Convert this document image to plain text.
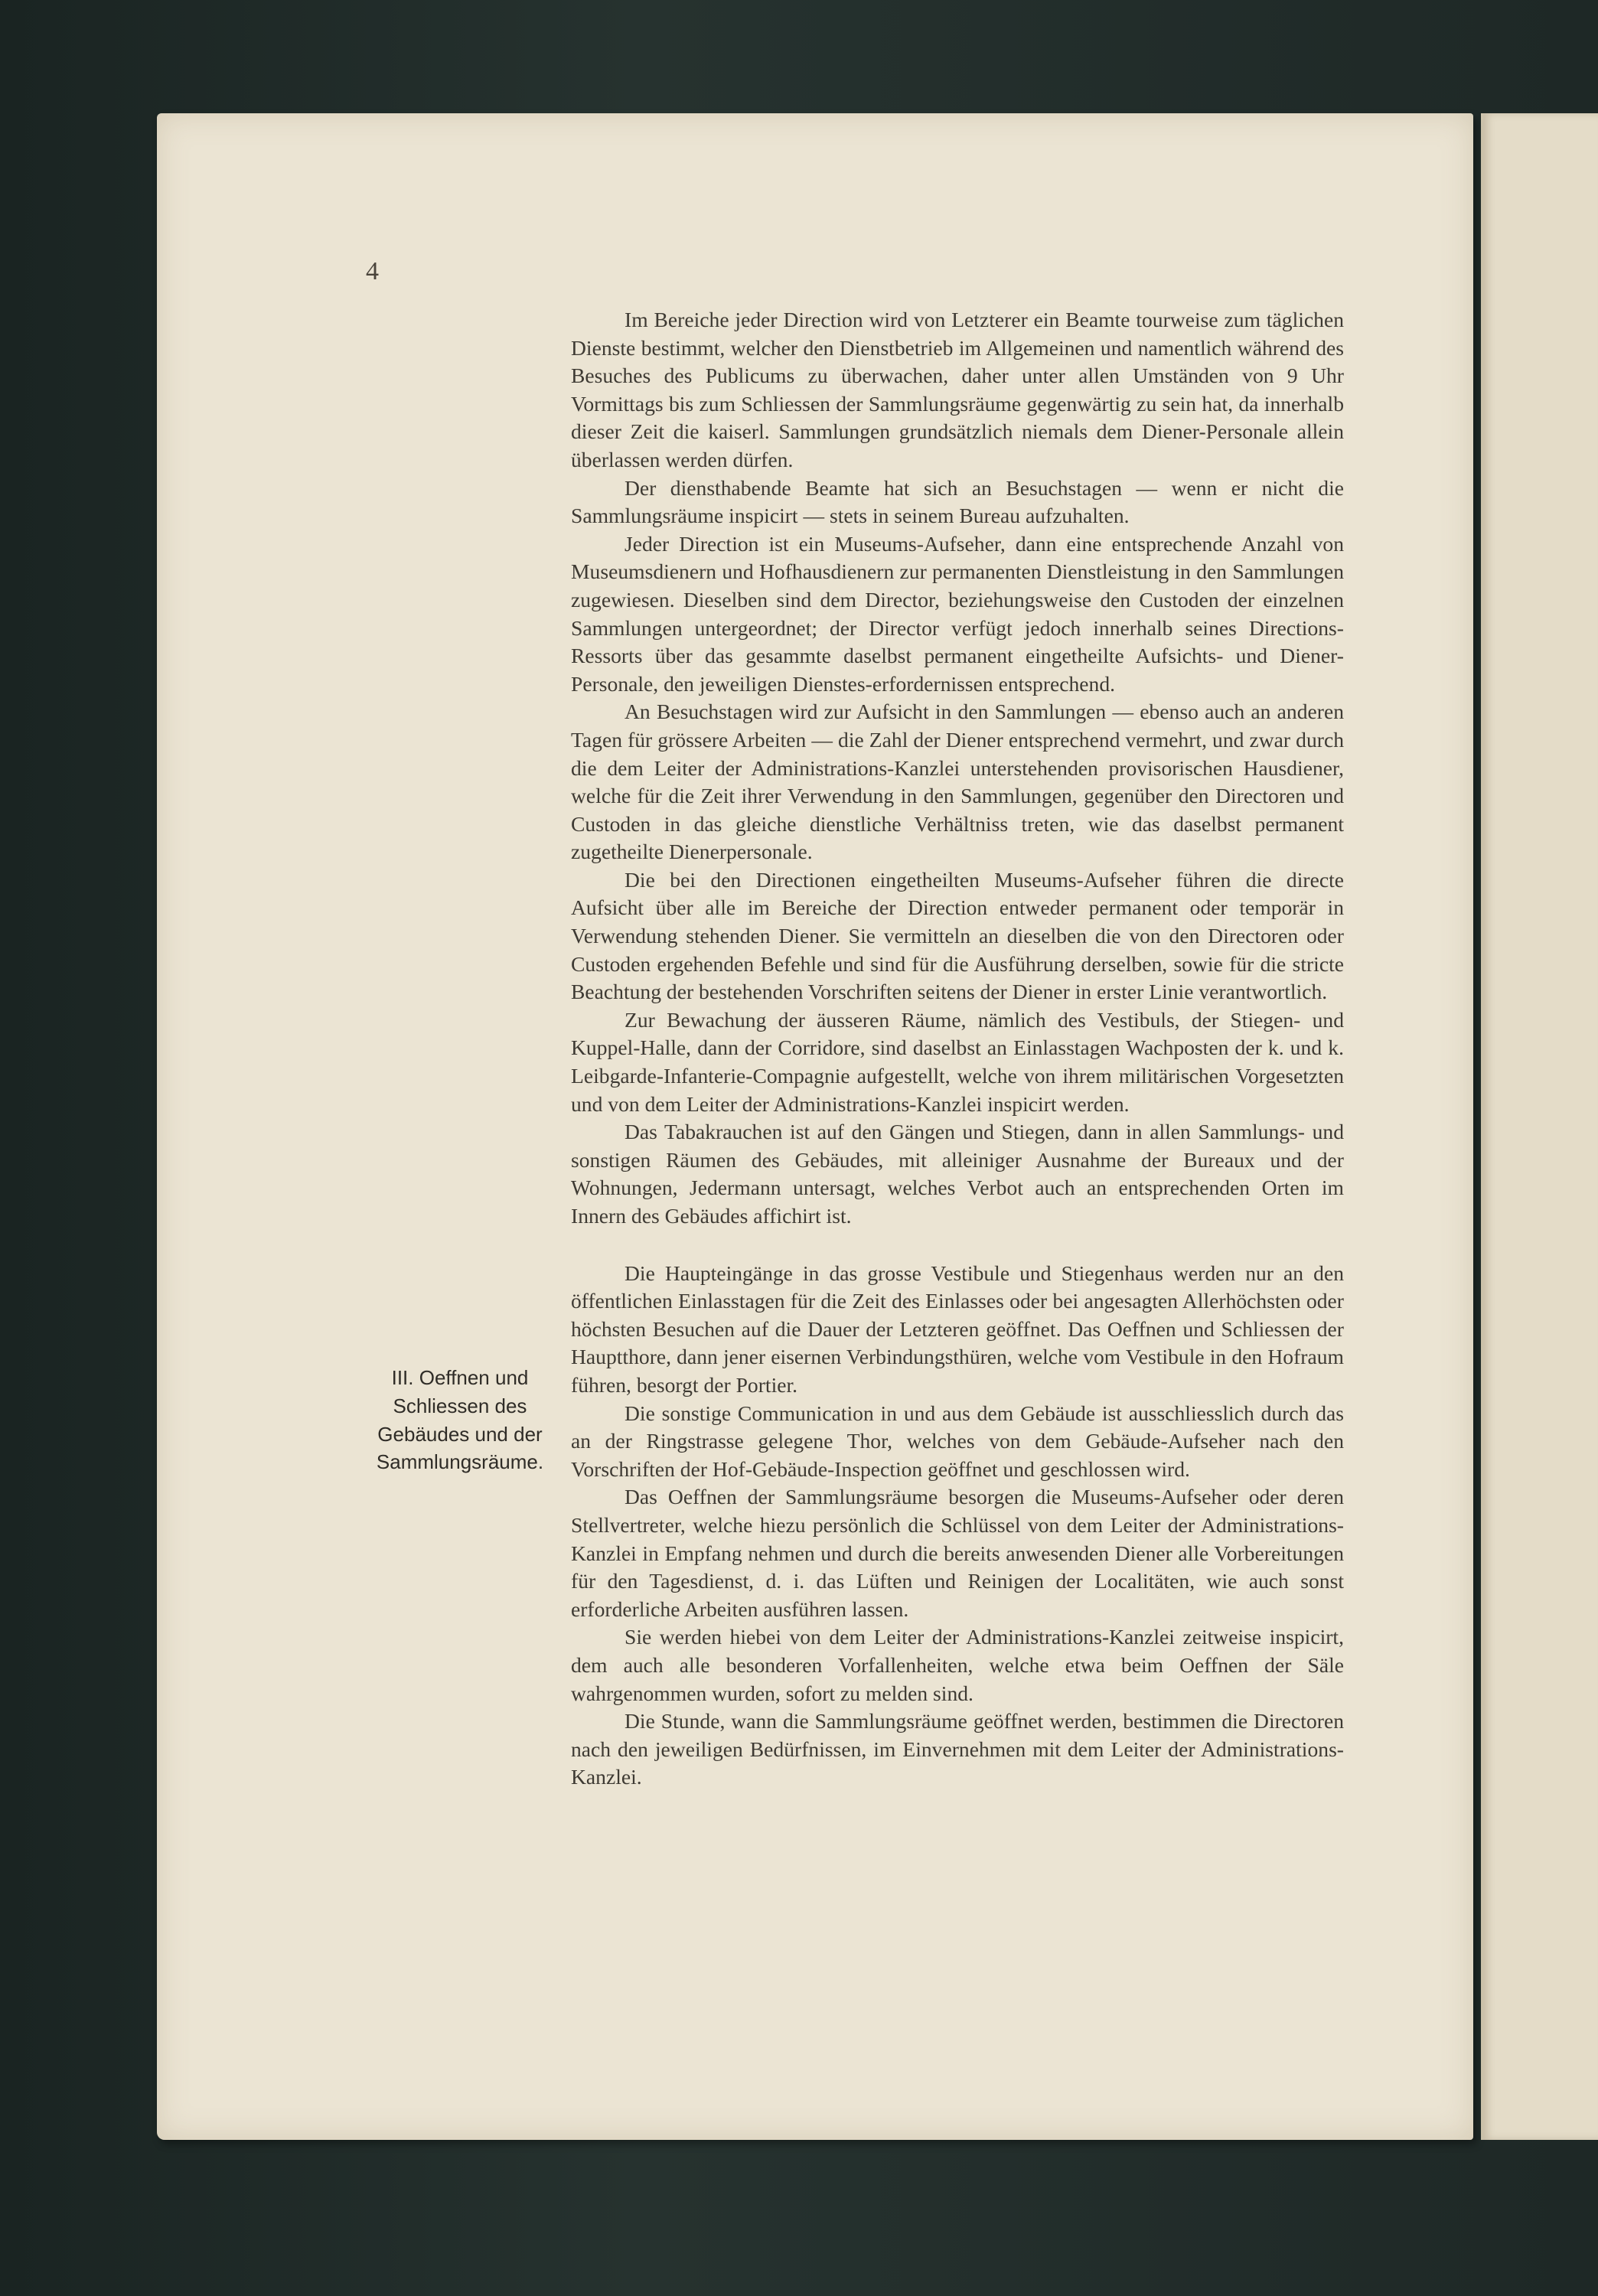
4

III. Oeffnen und Schliessen des Gebäudes und der Sammlungsräume.

Im Bereiche jeder Direction wird von Letzterer ein Beamte tourweise zum täglichen Dienste bestimmt, welcher den Dienstbetrieb im Allgemeinen und namentlich während des Besuches des Publicums zu überwachen, daher unter allen Umständen von 9 Uhr Vormittags bis zum Schliessen der Sammlungsräume gegenwärtig zu sein hat, da innerhalb dieser Zeit die kaiserl. Sammlungen grundsätzlich niemals dem Diener-Personale allein überlassen werden dürfen.

Der diensthabende Beamte hat sich an Besuchstagen — wenn er nicht die Sammlungsräume inspicirt — stets in seinem Bureau aufzuhalten.

Jeder Direction ist ein Museums-Aufseher, dann eine entsprechende Anzahl von Museumsdienern und Hofhausdienern zur permanenten Dienstleistung in den Sammlungen zugewiesen. Dieselben sind dem Director, beziehungsweise den Custoden der einzelnen Sammlungen untergeordnet; der Director verfügt jedoch innerhalb seines Directions-Ressorts über das gesammte daselbst permanent eingetheilte Aufsichts- und Diener-Personale, den jeweiligen Dienstes-erfordernissen entsprechend.

An Besuchstagen wird zur Aufsicht in den Sammlungen — ebenso auch an anderen Tagen für grössere Arbeiten — die Zahl der Diener entsprechend vermehrt, und zwar durch die dem Leiter der Administrations-Kanzlei unterstehenden provisorischen Hausdiener, welche für die Zeit ihrer Verwendung in den Sammlungen, gegenüber den Directoren und Custoden in das gleiche dienstliche Verhältniss treten, wie das daselbst permanent zugetheilte Dienerpersonale.

Die bei den Directionen eingetheilten Museums-Aufseher führen die directe Aufsicht über alle im Bereiche der Direction entweder permanent oder temporär in Verwendung stehenden Diener. Sie vermitteln an dieselben die von den Directoren oder Custoden ergehenden Befehle und sind für die Ausführung derselben, sowie für die stricte Beachtung der bestehenden Vorschriften seitens der Diener in erster Linie verantwortlich.

Zur Bewachung der äusseren Räume, nämlich des Vestibuls, der Stiegen- und Kuppel-Halle, dann der Corridore, sind daselbst an Einlasstagen Wachposten der k. und k. Leibgarde-Infanterie-Compagnie aufgestellt, welche von ihrem militärischen Vorgesetzten und von dem Leiter der Administrations-Kanzlei inspicirt werden.

Das Tabakrauchen ist auf den Gängen und Stiegen, dann in allen Sammlungs- und sonstigen Räumen des Gebäudes, mit alleiniger Ausnahme der Bureaux und der Wohnungen, Jedermann untersagt, welches Verbot auch an entsprechenden Orten im Innern des Gebäudes affichirt ist.

Die Haupteingänge in das grosse Vestibule und Stiegenhaus werden nur an den öffentlichen Einlasstagen für die Zeit des Einlasses oder bei angesagten Allerhöchsten oder höchsten Besuchen auf die Dauer der Letzteren geöffnet. Das Oeffnen und Schliessen der Hauptthore, dann jener eisernen Verbindungsthüren, welche vom Vestibule in den Hofraum führen, besorgt der Portier.

Die sonstige Communication in und aus dem Gebäude ist ausschliesslich durch das an der Ringstrasse gelegene Thor, welches von dem Gebäude-Aufseher nach den Vorschriften der Hof-Gebäude-Inspection geöffnet und geschlossen wird.

Das Oeffnen der Sammlungsräume besorgen die Museums-Aufseher oder deren Stellvertreter, welche hiezu persönlich die Schlüssel von dem Leiter der Administrations-Kanzlei in Empfang nehmen und durch die bereits anwesenden Diener alle Vorbereitungen für den Tagesdienst, d. i. das Lüften und Reinigen der Localitäten, wie auch sonst erforderliche Arbeiten ausführen lassen.

Sie werden hiebei von dem Leiter der Administrations-Kanzlei zeitweise inspicirt, dem auch alle besonderen Vorfallenheiten, welche etwa beim Oeffnen der Säle wahrgenommen wurden, sofort zu melden sind.

Die Stunde, wann die Sammlungsräume geöffnet werden, bestimmen die Directoren nach den jeweiligen Bedürfnissen, im Einvernehmen mit dem Leiter der Administrations-Kanzlei.
